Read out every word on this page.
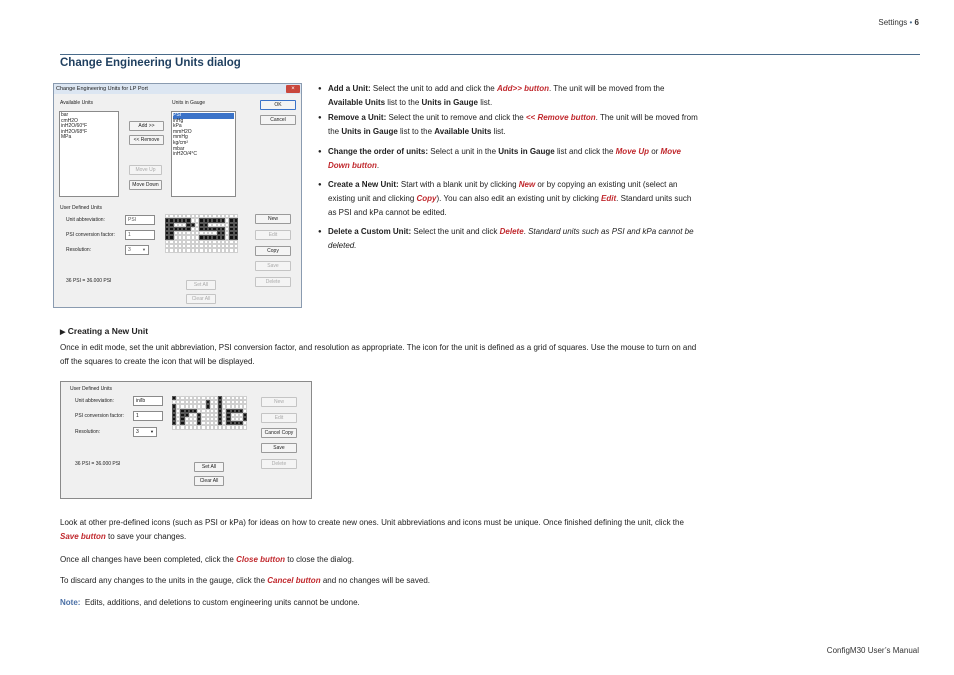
Settings • 6
Change Engineering Units dialog
Change Engineering Units for LP Port	×
Available Units
bar
cmH2O
inH2O/60°F
inH2O/68°F
MPa
Units in Gauge
PSI
inHg
kPa
mmH2O
mmHg
kg/cm²
mbar
inH2O/4°C
Add >>
<< Remove
Move Up
Move Down
OK
Cancel
User Defined Units
Unit abbreviation:	PSI
PSI conversion factor:	1
Resolution:	3	▼
New
Edit
Copy
Save
Delete
36 PSI = 36.000 PSI
Set All
Clear All
● Add a Unit: Select the unit to add and click the Add>> button. The unit will be moved from the Available Units list to the Units in Gauge list.
● Remove a Unit: Select the unit to remove and click the << Remove button. The unit will be moved from the Units in Gauge list to the Available Units list.
● Change the order of units: Select a unit in the Units in Gauge list and click the Move Up or Move Down button.
● Create a New Unit: Start with a blank unit by clicking New or by copying an existing unit (select an existing unit and clicking Copy). You can also edit an existing unit by clicking Edit. Standard units such as PSI and kPa cannot be edited.
● Delete a Custom Unit: Select the unit and click Delete. Standard units such as PSI and kPa cannot be deleted.
▶ Creating a New Unit
Once in edit mode, set the unit abbreviation, PSI conversion factor, and resolution as appropriate. The icon for the unit is defined as a grid of squares. Use the mouse to turn on and off the squares to create the icon that will be displayed.
User Defined Units
Unit abbreviation:	in/lb
PSI conversion factor:	1
Resolution:	3	▼
New
Edit
Cancel Copy
Save
Delete
36 PSI = 36.000 PSI	Set All
Clear All
Look at other pre-defined icons (such as PSI or kPa) for ideas on how to create new ones. Unit abbreviations and icons must be unique. Once finished defining the unit, click the Save button to save your changes.
Once all changes have been completed, click the Close button to close the dialog.
To discard any changes to the units in the gauge, click the Cancel button and no changes will be saved.
Note:  Edits, additions, and deletions to custom engineering units cannot be undone.
ConfigM30 User’s Manual
